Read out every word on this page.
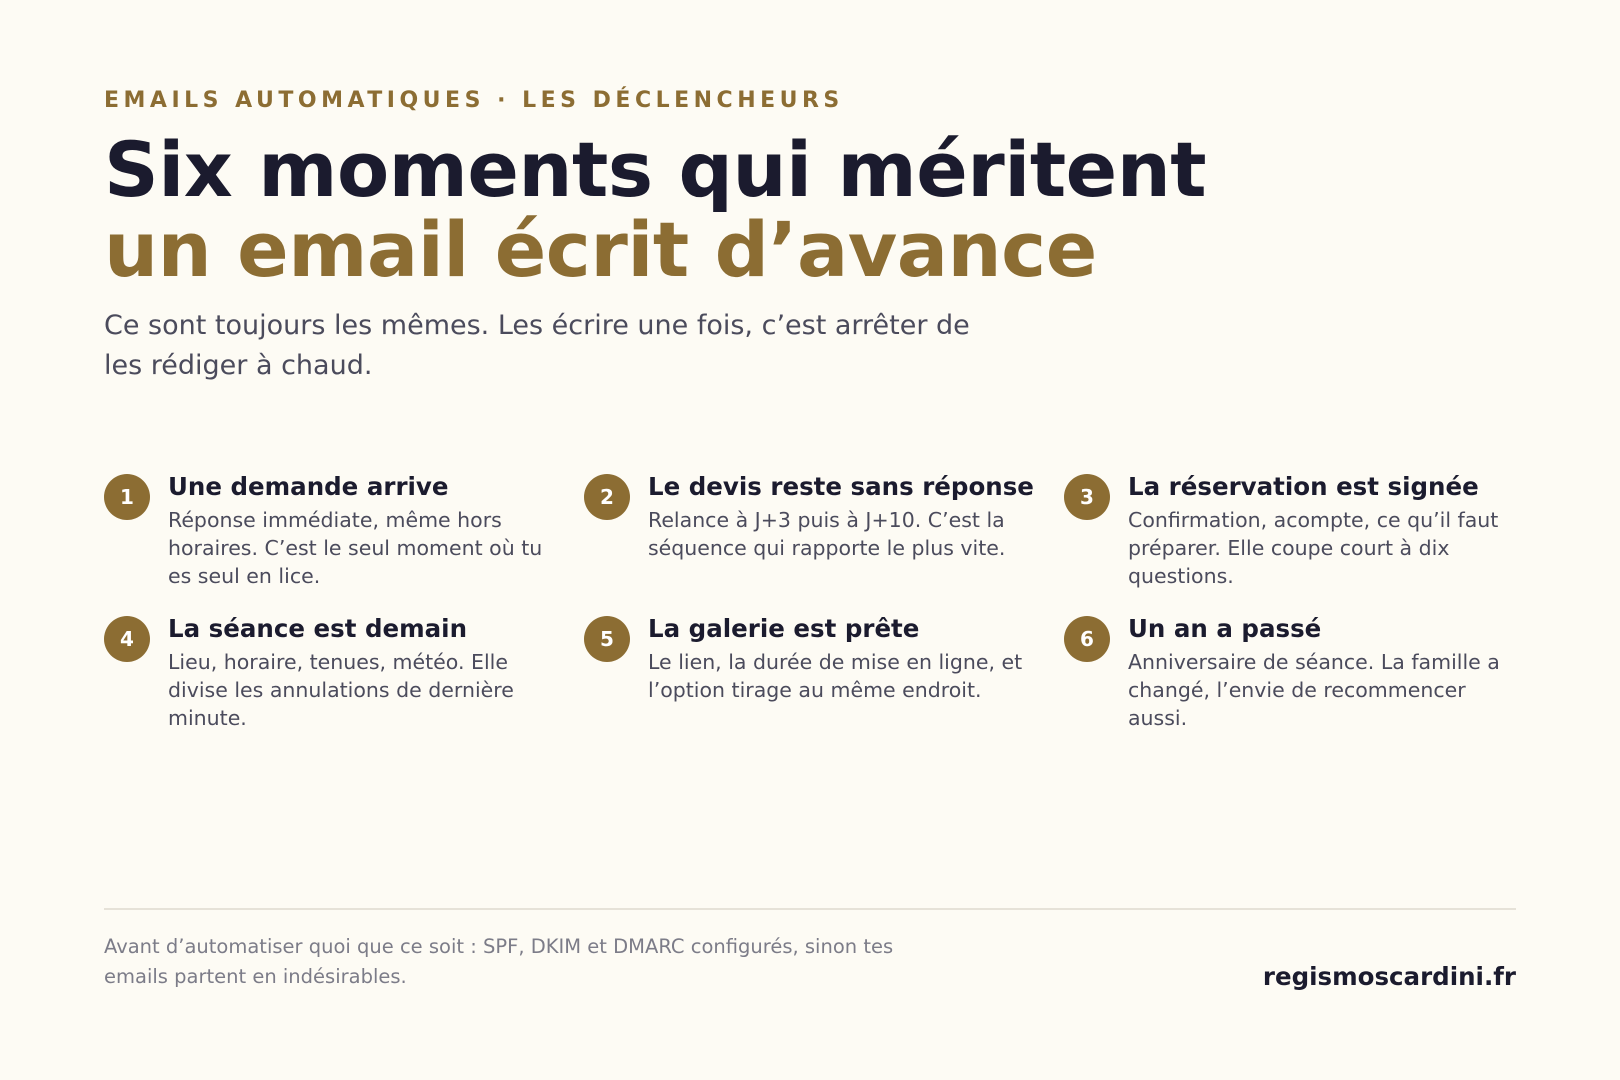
EMAILS AUTOMATIQUES · LES DÉCLENCHEURS
Six moments qui méritent
un email écrit d’avance

Ce sont toujours les mêmes. Les écrire une fois, c’est arrêter de les rédiger à chaud.

1	Une demande arrive

Réponse immédiate, même hors horaires. C’est le seul moment où tu es seul en lice.

2	Le devis reste sans réponse

Relance à J+3 puis à J+10. C’est la séquence qui rapporte le plus vite.

3	La réservation est signée

Confirmation, acompte, ce qu’il faut préparer. Elle coupe court à dix questions.

4	La séance est demain

Lieu, horaire, tenues, météo. Elle divise les annulations de dernière minute.

5	La galerie est prête

Le lien, la durée de mise en ligne, et l’option tirage au même endroit.

6	Un an a passé

Anniversaire de séance. La famille a changé, l’envie de recommencer aussi.

Avant d’automatiser quoi que ce soit : SPF, DKIM et DMARC configurés, sinon tes emails partent en indésirables.	regismoscardini.fr
